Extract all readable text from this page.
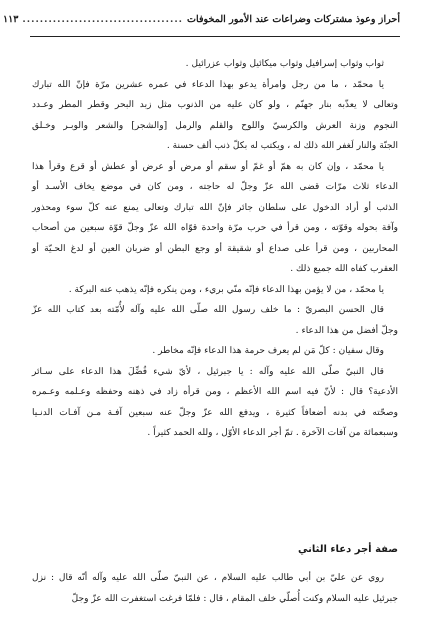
أحراز وعوذ مشتركات وضراعات عند الأمور المخوفات
.....................................
١١٣
ثواب وثواب إسرافيل وثواب ميكائيل وثواب عزرائيل .
يا محمّد ، ما من رجل وامرأة يدعو بهذا الدعاء في عمره عشرين مرّة فإنّ الله تبارك
وتعالى لا يعذّبه بنار جهنّم ، ولو كان عليه من الذنوب مثل زبد البحر وقطر المطر وعـدد
النجوم وزنة العرش والكرسيّ واللوح والقلم والرمل [والشجر] والشعر والوبـر وخـلق
الجنّة والنار لَغفر الله ذلك له ، ويكتب له بكلّ ذنب ألف حسنة .
يا محمّد ، وإن كان به همّ أو غمّ أو سقم أو مرض أو عرض أو عطش أو قرع وقرأ هذا
الدعاء ثلاث مرّات قضى الله عزّ وجلّ له حاجته ، ومن كان في موضع يخاف الأسـد أو
الذئب أو أراد الدخول على سلطان جائر فإنّ الله تبارك وتعالى يمنع عنه كلّ سوء ومحذور
وآفة بحوله وقوّته ، ومن قرأ في حرب مرّة واحدة قوّاه الله عزّ وجلّ قوّة سبعين من أصحاب
المحاربين ، ومن قرأ على صداع أو شقيقة أو وجع البطن أو ضربان العين أو لدغ الحـيّة أو
العقرب كفاه الله جميع ذلك .
يا محمّد ، من لا يؤمن بهذا الدعاء فإنّه منّي بريء ، ومن ينكره فإنّه يذهب عنه البركة .
قال الحسن البصريّ : ما خلف رسول الله صلّى الله عليه وآله لأُمّته بعد كتاب الله عزّ
وجلّ أفضل من هذا الدعاء .
وقال سفيان : كلّ مَن لم يعرف حرمة هذا الدعاء فإنّه مخاطر .
قال النبيّ صلّى الله عليه وآله : يا جبرئيل ، لأيّ شيء فُضِّلَ هذا الدعاء على سـائر
الأدعية؟ قال : لأنّ فيه اسم الله الأعظم ، ومن قرأه زاد في ذهنه وحفظه وعـلمه وعـمره
وصحّته في بدنه أضعافاً كثيرة ، ويدفع الله عزّ وجلّ عنه سبعين آفـة مـن آفـات الدنـيا
وسبعمائة من آفات الآخرة . تمّ أجر الدعاء الأوّل ، ولله الحمد كثيراً .
صفة أجر دعاء الثاني
روي عن عليّ بن أبي طالب عليه السلام ، عن النبيّ صلّى الله عليه وآله أنّه قال : نزل
جبرئيل عليه السلام وكنت أُصلّي خلف المقام ، قال : فلمّا فرغت استغفرت الله عزّ وجلّ
